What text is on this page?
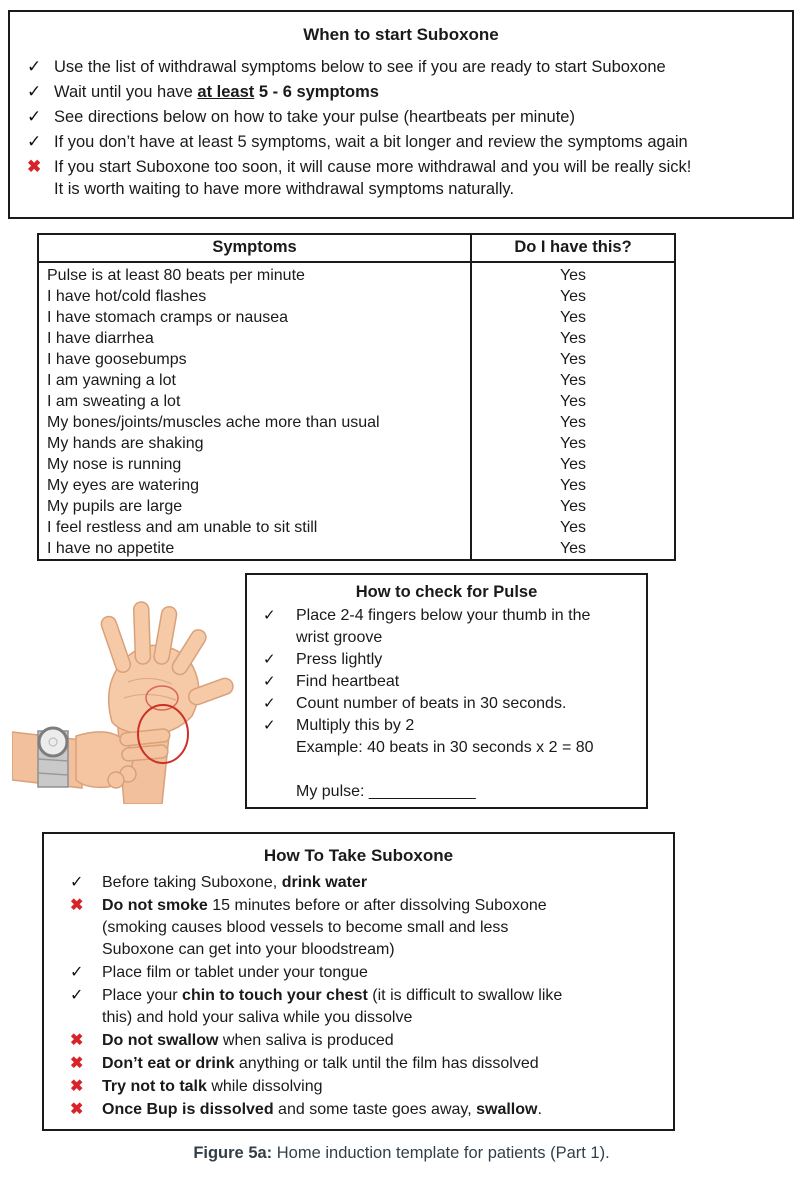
When to start Suboxone
✓ Use the list of withdrawal symptoms below to see if you are ready to start Suboxone
✓ Wait until you have at least 5 - 6 symptoms
✓ See directions below on how to take your pulse (heartbeats per minute)
✓ If you don’t have at least 5 symptoms, wait a bit longer and review the symptoms again
✖ If you start Suboxone too soon, it will cause more withdrawal and you will be really sick!
It is worth waiting to have more withdrawal symptoms naturally.
Symptoms	Do I have this?
Pulse is at least 80 beats per minute	Yes
I have hot/cold flashes	Yes
I have stomach cramps or nausea	Yes
I have diarrhea	Yes
I have goosebumps	Yes
I am yawning a lot	Yes
I am sweating a lot	Yes
My bones/joints/muscles ache more than usual	Yes
My hands are shaking	Yes
My nose is running	Yes
My eyes are watering	Yes
My pupils are large	Yes
I feel restless and am unable to sit still	Yes
I have no appetite	Yes
How to check for Pulse
✓	Place 2-4 fingers below your thumb in the
wrist groove
✓	Press lightly
✓	Find heartbeat
✓	Count number of beats in 30 seconds.
✓	Multiply this by 2
Example: 40 beats in 30 seconds x 2 = 80
My pulse: ____________
How To Take Suboxone
✓	Before taking Suboxone, drink water
✖	Do not smoke 15 minutes before or after dissolving Suboxone
(smoking causes blood vessels to become small and less
Suboxone can get into your bloodstream)
✓	Place film or tablet under your tongue
✓	Place your chin to touch your chest (it is difficult to swallow like
this) and hold your saliva while you dissolve
✖	Do not swallow when saliva is produced
✖	Don’t eat or drink anything or talk until the film has dissolved
✖	Try not to talk while dissolving
✖	Once Bup is dissolved and some taste goes away, swallow.
Figure 5a: Home induction template for patients (Part 1).
